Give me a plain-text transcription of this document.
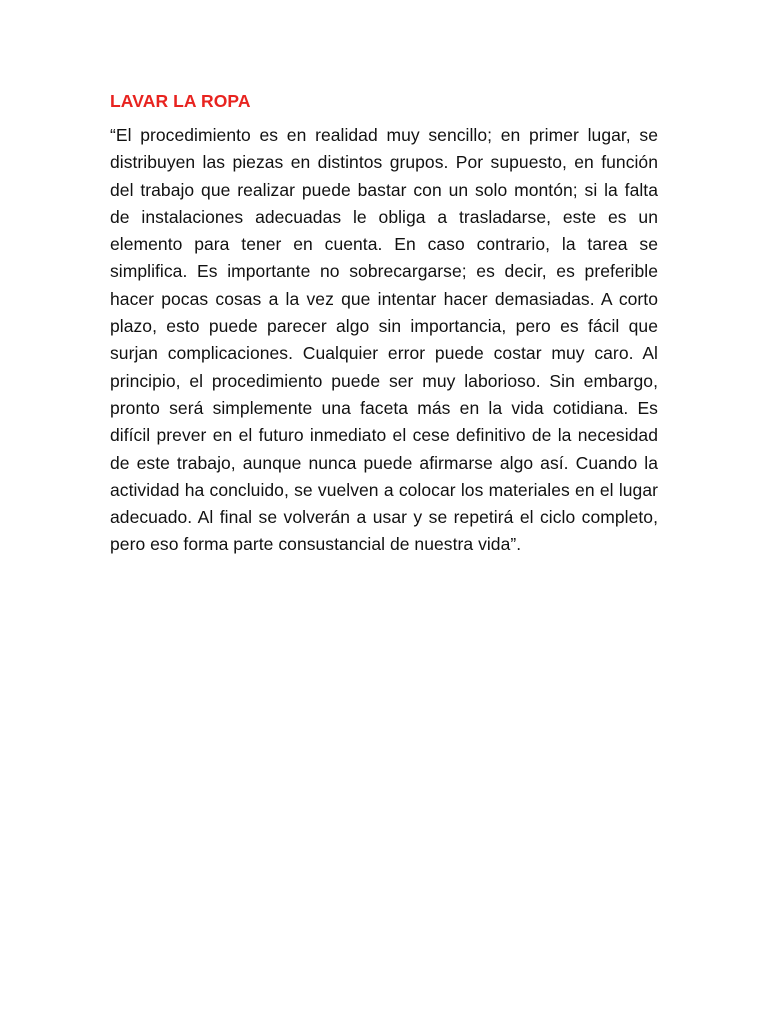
LAVAR LA ROPA

“El procedimiento es en realidad muy sencillo; en primer lugar, se distribuyen las piezas en distintos grupos. Por supuesto, en función del trabajo que realizar puede bastar con un solo montón; si la falta de instalaciones adecuadas le obliga a trasladarse, este es un elemento para tener en cuenta. En caso contrario, la tarea se simplifica. Es importante no sobrecargarse; es decir, es preferible hacer pocas cosas a la vez que intentar hacer demasiadas. A corto plazo, esto puede parecer algo sin importancia, pero es fácil que surjan complicaciones. Cualquier error puede costar muy caro. Al principio, el procedimiento puede ser muy laborioso. Sin embargo, pronto será simplemente una faceta más en la vida cotidiana. Es difícil prever en el futuro inmediato el cese definitivo de la necesidad de este trabajo, aunque nunca puede afirmarse algo así. Cuando la actividad ha concluido, se vuelven a colocar los materiales en el lugar adecuado. Al final se volverán a usar y se repetirá el ciclo completo, pero eso forma parte consustancial de nuestra vida”.
